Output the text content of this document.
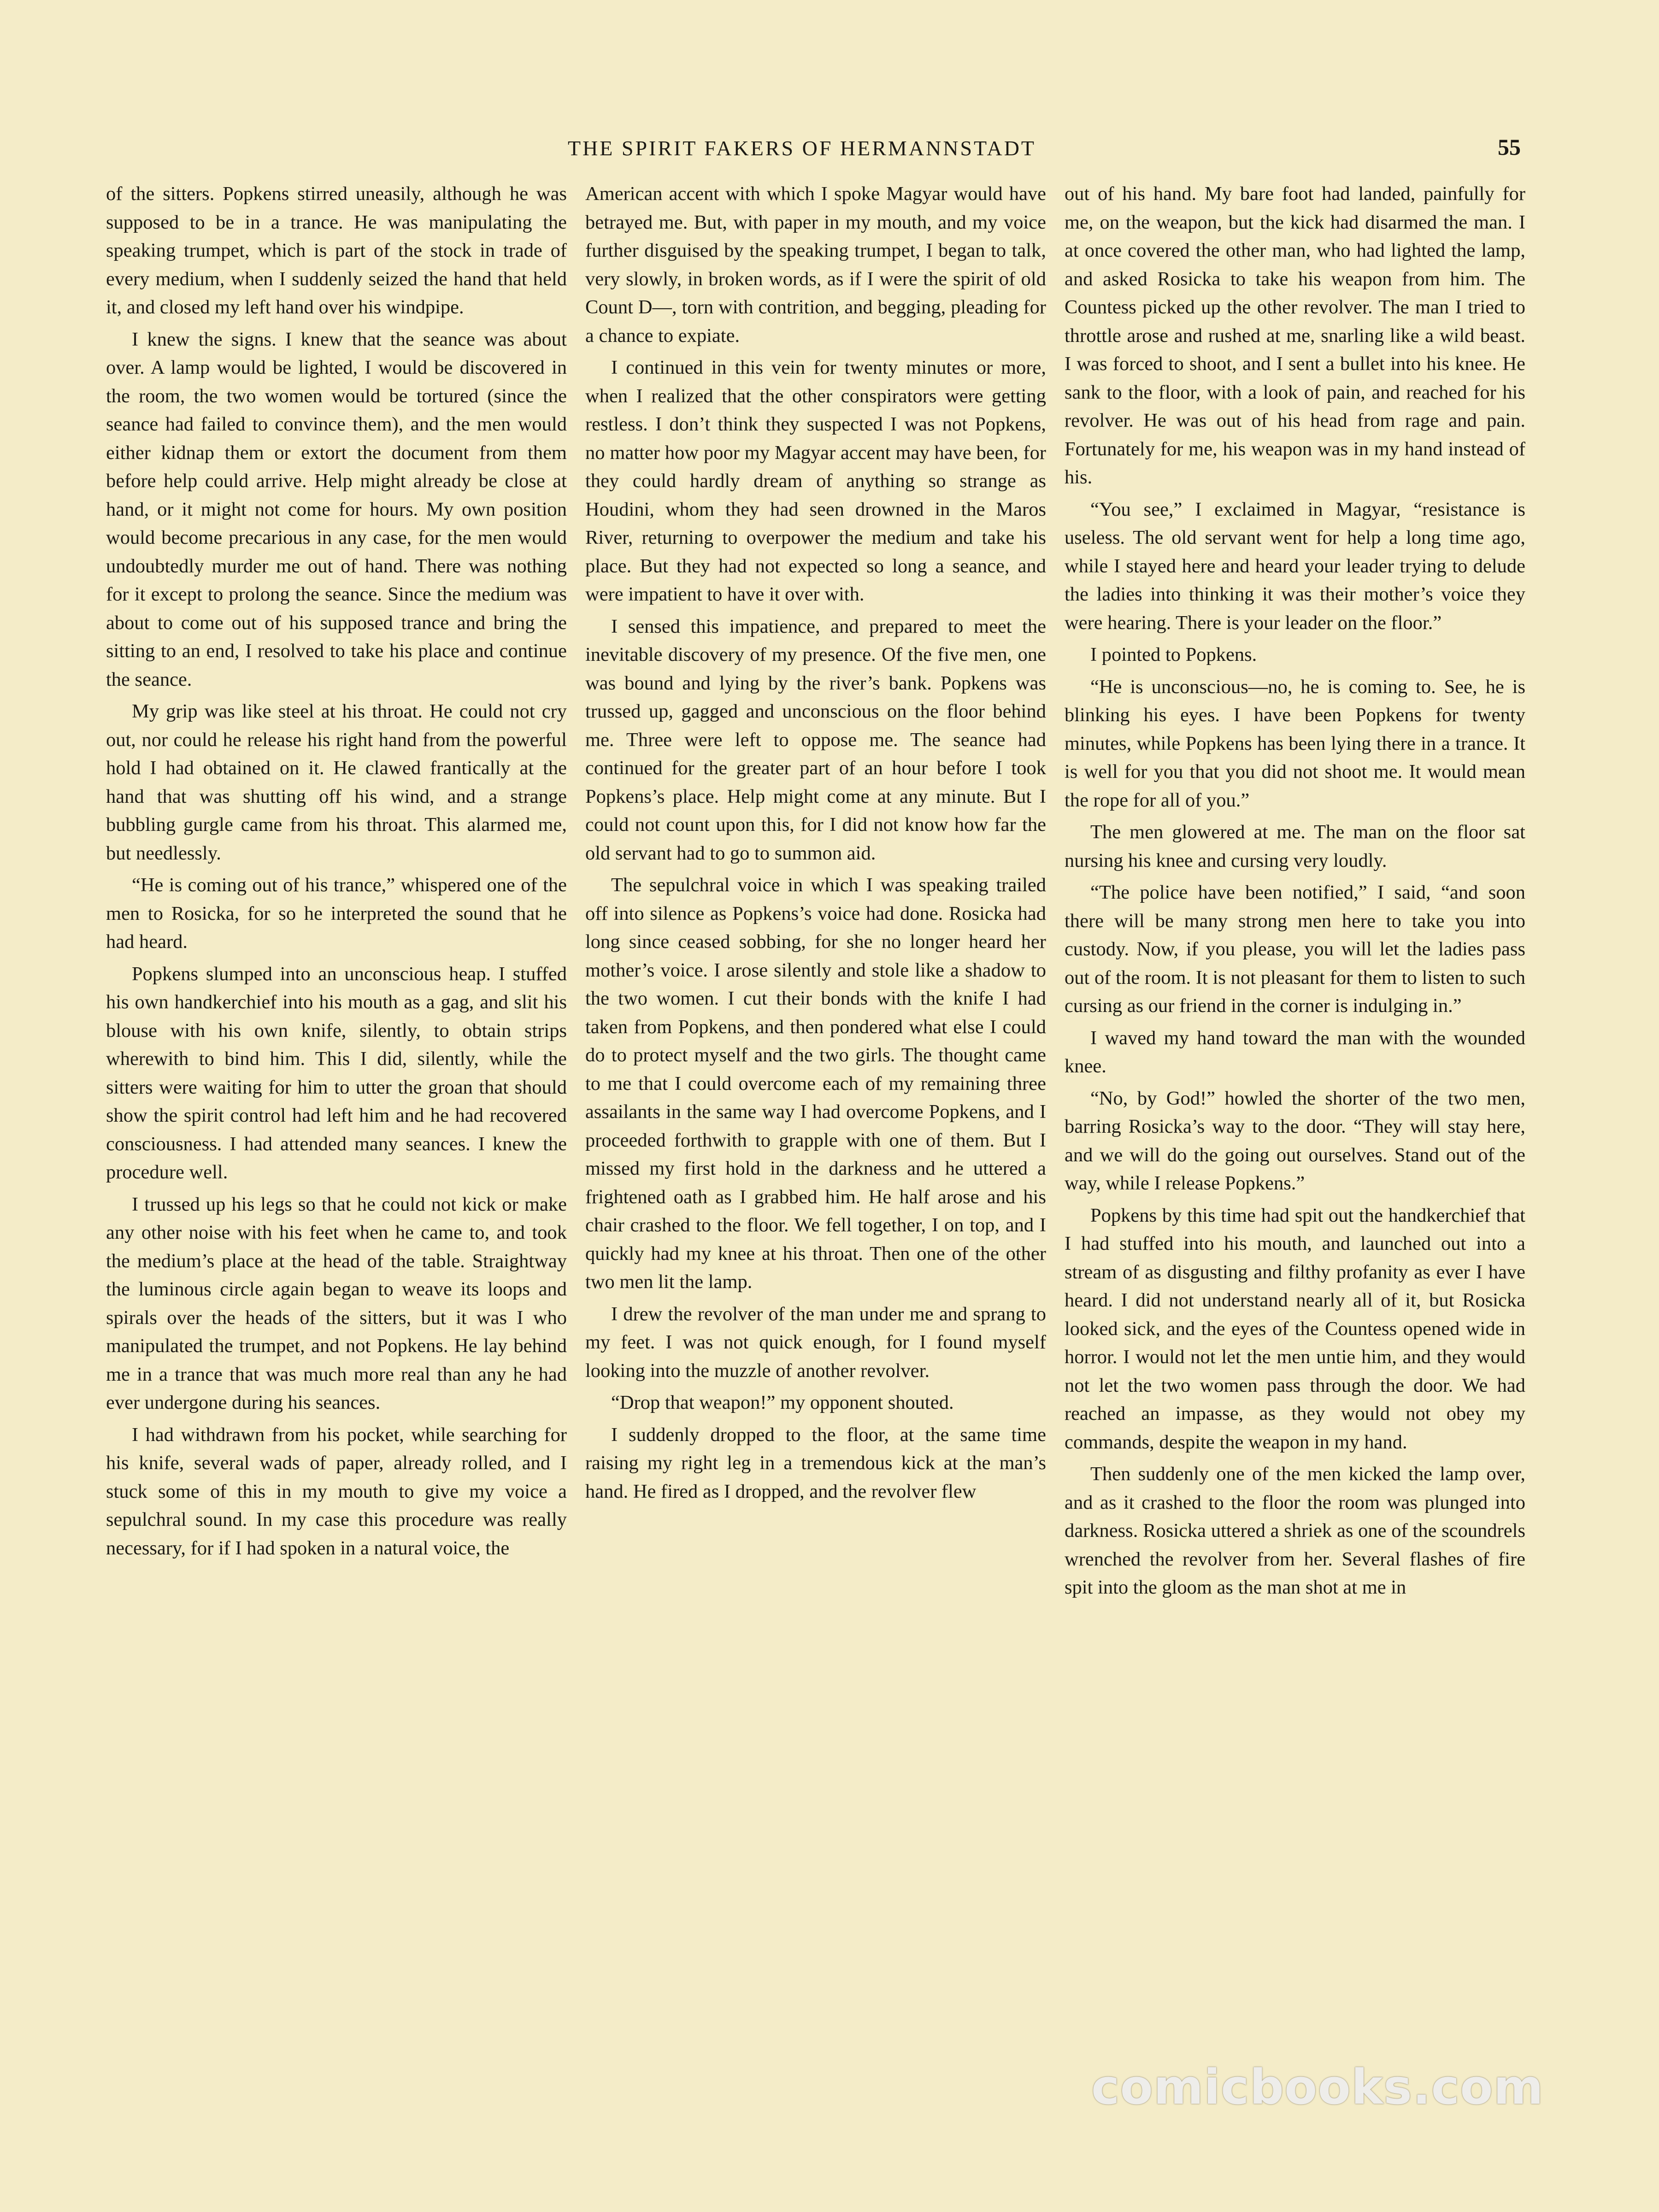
THE SPIRIT FAKERS OF HERMANNSTADT	55

of the sitters. Popkens stirred uneasily, although he was supposed to be in a trance. He was manipulating the speaking trumpet, which is part of the stock in trade of every medium, when I suddenly seized the hand that held it, and closed my left hand over his windpipe.

I knew the signs. I knew that the seance was about over. A lamp would be lighted, I would be discovered in the room, the two women would be tortured (since the seance had failed to convince them), and the men would either kidnap them or extort the document from them before help could arrive. Help might already be close at hand, or it might not come for hours. My own position would become precarious in any case, for the men would undoubtedly murder me out of hand. There was nothing for it except to prolong the seance. Since the medium was about to come out of his supposed trance and bring the sitting to an end, I resolved to take his place and continue the seance.

My grip was like steel at his throat. He could not cry out, nor could he release his right hand from the powerful hold I had obtained on it. He clawed frantically at the hand that was shutting off his wind, and a strange bubbling gurgle came from his throat. This alarmed me, but needlessly.

“He is coming out of his trance,” whispered one of the men to Rosicka, for so he interpreted the sound that he had heard.

Popkens slumped into an unconscious heap. I stuffed his own handkerchief into his mouth as a gag, and slit his blouse with his own knife, silently, to obtain strips wherewith to bind him. This I did, silently, while the sitters were waiting for him to utter the groan that should show the spirit control had left him and he had recovered consciousness. I had attended many seances. I knew the procedure well.

I trussed up his legs so that he could not kick or make any other noise with his feet when he came to, and took the medium’s place at the head of the table. Straightway the luminous circle again began to weave its loops and spirals over the heads of the sitters, but it was I who manipulated the trumpet, and not Popkens. He lay behind me in a trance that was much more real than any he had ever undergone during his seances.

I had withdrawn from his pocket, while searching for his knife, several wads of paper, already rolled, and I stuck some of this in my mouth to give my voice a sepulchral sound. In my case this procedure was really necessary, for if I had spoken in a natural voice, the

American accent with which I spoke Magyar would have betrayed me. But, with paper in my mouth, and my voice further disguised by the speaking trumpet, I began to talk, very slowly, in broken words, as if I were the spirit of old Count D—, torn with contrition, and begging, pleading for a chance to expiate.

I continued in this vein for twenty minutes or more, when I realized that the other conspirators were getting restless. I don’t think they suspected I was not Popkens, no matter how poor my Magyar accent may have been, for they could hardly dream of anything so strange as Houdini, whom they had seen drowned in the Maros River, returning to overpower the medium and take his place. But they had not expected so long a seance, and were impatient to have it over with.

I sensed this impatience, and prepared to meet the inevitable discovery of my presence. Of the five men, one was bound and lying by the river’s bank. Popkens was trussed up, gagged and unconscious on the floor behind me. Three were left to oppose me. The seance had continued for the greater part of an hour before I took Popkens’s place. Help might come at any minute. But I could not count upon this, for I did not know how far the old servant had to go to summon aid.

The sepulchral voice in which I was speaking trailed off into silence as Popkens’s voice had done. Rosicka had long since ceased sobbing, for she no longer heard her mother’s voice. I arose silently and stole like a shadow to the two women. I cut their bonds with the knife I had taken from Popkens, and then pondered what else I could do to protect myself and the two girls. The thought came to me that I could overcome each of my remaining three assailants in the same way I had overcome Popkens, and I proceeded forthwith to grapple with one of them. But I missed my first hold in the darkness and he uttered a frightened oath as I grabbed him. He half arose and his chair crashed to the floor. We fell together, I on top, and I quickly had my knee at his throat. Then one of the other two men lit the lamp.

I drew the revolver of the man under me and sprang to my feet. I was not quick enough, for I found myself looking into the muzzle of another revolver.

“Drop that weapon!” my opponent shouted.

I suddenly dropped to the floor, at the same time raising my right leg in a tremendous kick at the man’s hand. He fired as I dropped, and the revolver flew

out of his hand. My bare foot had landed, painfully for me, on the weapon, but the kick had disarmed the man. I at once covered the other man, who had lighted the lamp, and asked Rosicka to take his weapon from him. The Countess picked up the other revolver. The man I tried to throttle arose and rushed at me, snarling like a wild beast. I was forced to shoot, and I sent a bullet into his knee. He sank to the floor, with a look of pain, and reached for his revolver. He was out of his head from rage and pain. Fortunately for me, his weapon was in my hand instead of his.

“You see,” I exclaimed in Magyar, “resistance is useless. The old servant went for help a long time ago, while I stayed here and heard your leader trying to delude the ladies into thinking it was their mother’s voice they were hearing. There is your leader on the floor.”

I pointed to Popkens.

“He is unconscious—no, he is coming to. See, he is blinking his eyes. I have been Popkens for twenty minutes, while Popkens has been lying there in a trance. It is well for you that you did not shoot me. It would mean the rope for all of you.”

The men glowered at me. The man on the floor sat nursing his knee and cursing very loudly.

“The police have been notified,” I said, “and soon there will be many strong men here to take you into custody. Now, if you please, you will let the ladies pass out of the room. It is not pleasant for them to listen to such cursing as our friend in the corner is indulging in.”

I waved my hand toward the man with the wounded knee.

“No, by God!” howled the shorter of the two men, barring Rosicka’s way to the door. “They will stay here, and we will do the going out ourselves. Stand out of the way, while I release Popkens.”

Popkens by this time had spit out the handkerchief that I had stuffed into his mouth, and launched out into a stream of as disgusting and filthy profanity as ever I have heard. I did not understand nearly all of it, but Rosicka looked sick, and the eyes of the Countess opened wide in horror. I would not let the men untie him, and they would not let the two women pass through the door. We had reached an impasse, as they would not obey my commands, despite the weapon in my hand.

Then suddenly one of the men kicked the lamp over, and as it crashed to the floor the room was plunged into darkness. Rosicka uttered a shriek as one of the scoundrels wrenched the revolver from her. Several flashes of fire spit into the gloom as the man shot at me in

comicbooks.com
